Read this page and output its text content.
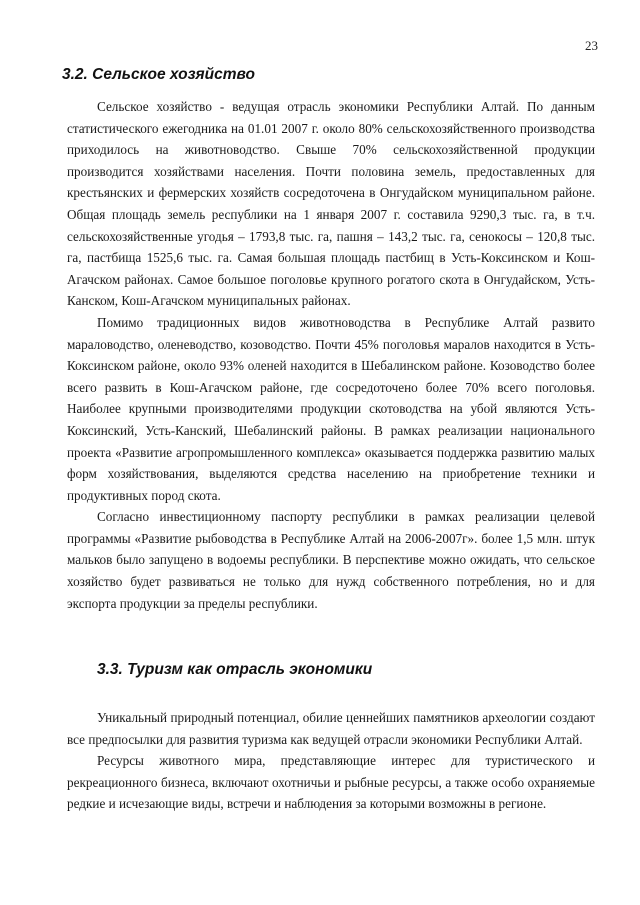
23
3.2. Сельское хозяйство

Сельское хозяйство - ведущая отрасль экономики Республики Алтай. По данным статистического ежегодника на 01.01 2007 г. около 80% сельскохозяйственного производства приходилось на животноводство. Свыше 70% сельскохозяйственной продукции производится хозяйствами населения. Почти половина земель, предоставленных для крестьянских и фермерских хозяйств сосредоточена в Онгудайском муниципальном районе. Общая площадь земель республики на 1 января 2007 г. составила 9290,3 тыс. га, в т.ч. сельскохозяйственные угодья – 1793,8 тыс. га, пашня – 143,2 тыс. га, сенокосы – 120,8 тыс. га, пастбища 1525,6 тыс. га. Самая большая площадь пастбищ в Усть-Коксинском и Кош-Агачском районах. Самое большое поголовье крупного рогатого скота в Онгудайском, Усть-Канском, Кош-Агачском муниципальных районах.

Помимо традиционных видов животноводства в Республике Алтай развито мараловодство, оленеводство, козоводство. Почти 45% поголовья маралов находится в Усть-Коксинском районе, около 93% оленей находится в Шебалинском районе. Козоводство более всего развить в Кош-Агачском районе, где сосредоточено более 70% всего поголовья. Наиболее крупными производителями продукции скотоводства на убой являются Усть-Коксинский, Усть-Канский, Шебалинский районы. В рамках реализации национального проекта «Развитие агропромышленного комплекса» оказывается поддержка развитию малых форм хозяйствования, выделяются средства населению на приобретение техники и продуктивных пород скота.

Согласно инвестиционному паспорту республики в рамках реализации целевой программы «Развитие рыбоводства в Республике Алтай на 2006-2007г». более 1,5 млн. штук мальков было запущено в водоемы республики. В перспективе можно ожидать, что сельское хозяйство будет развиваться не только для нужд собственного потребления, но и для экспорта продукции за пределы республики.

3.3. Туризм как отрасль экономики

Уникальный природный потенциал, обилие ценнейших памятников археологии создают все предпосылки для развития туризма как ведущей отрасли экономики Республики Алтай.

Ресурсы животного мира, представляющие интерес для туристического и рекреационного бизнеса, включают охотничьи и рыбные ресурсы, а также особо охраняемые редкие и исчезающие виды, встречи и наблюдения за которыми возможны в регионе.
